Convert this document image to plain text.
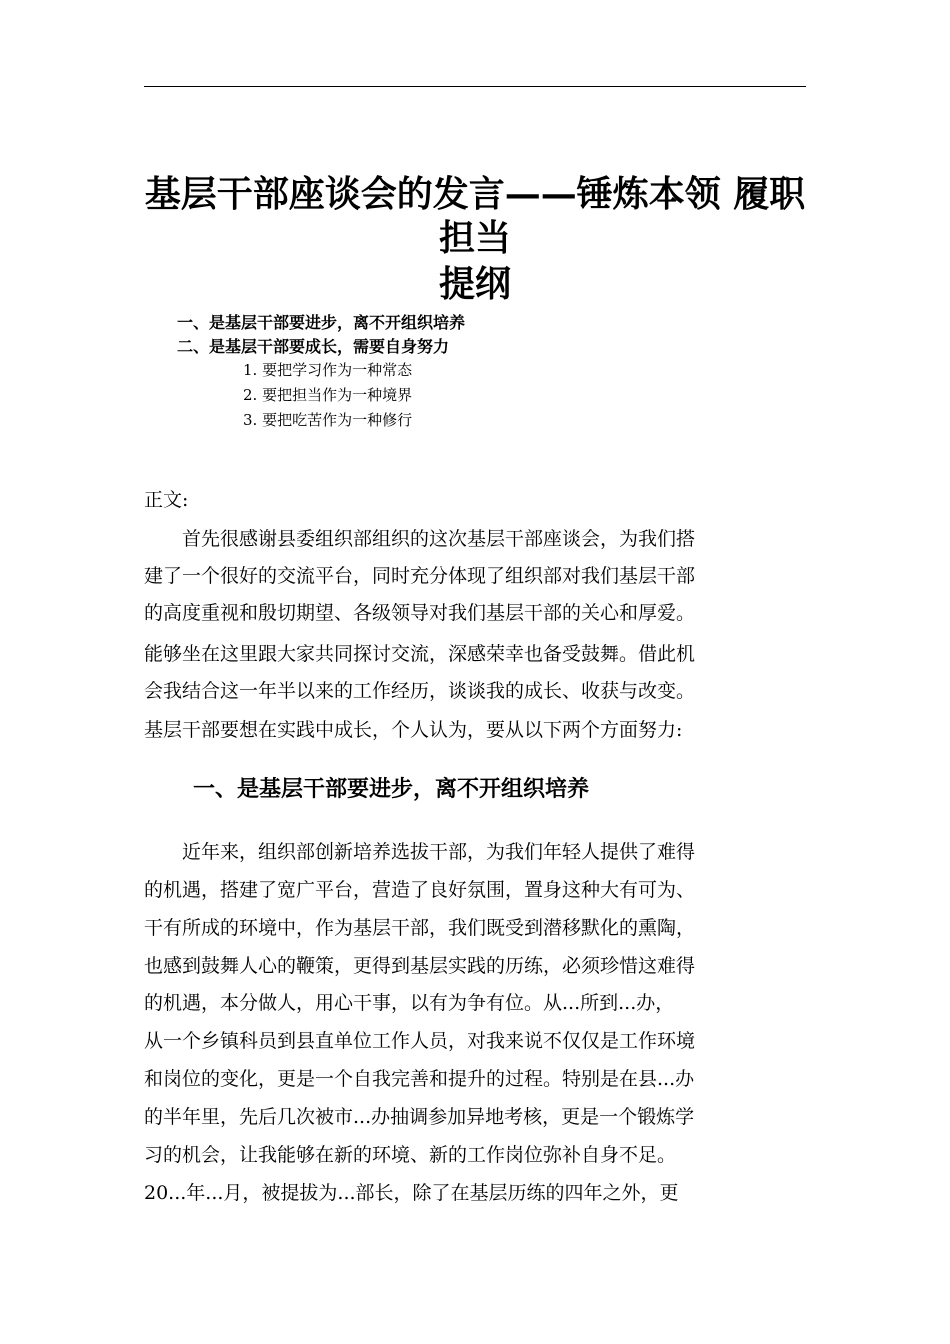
基层干部座谈会的发言——锤炼本领 履职
担当
提纲
一、是基层干部要进步，离不开组织培养
二、是基层干部要成长，需要自身努力
1. 要把学习作为一种常态
2. 要把担当作为一种境界
3. 要把吃苦作为一种修行
正文:
　　首先很感谢县委组织部组织的这次基层干部座谈会，为我们搭
建了一个很好的交流平台，同时充分体现了组织部对我们基层干部
的高度重视和殷切期望、各级领导对我们基层干部的关心和厚爱。
能够坐在这里跟大家共同探讨交流，深感荣幸也备受鼓舞。借此机
会我结合这一年半以来的工作经历，谈谈我的成长、收获与改变。
基层干部要想在实践中成长，个人认为，要从以下两个方面努力:
一、是基层干部要进步，离不开组织培养
　　近年来，组织部创新培养选拔干部，为我们年轻人提供了难得
的机遇，搭建了宽广平台，营造了良好氛围，置身这种大有可为、
干有所成的环境中，作为基层干部，我们既受到潜移默化的熏陶，
也感到鼓舞人心的鞭策，更得到基层实践的历练，必须珍惜这难得
的机遇，本分做人，用心干事，以有为争有位。从...所到...办，
从一个乡镇科员到县直单位工作人员，对我来说不仅仅是工作环境
和岗位的变化，更是一个自我完善和提升的过程。特别是在县...办
的半年里，先后几次被市...办抽调参加异地考核，更是一个锻炼学
习的机会，让我能够在新的环境、新的工作岗位弥补自身不足。
20...年...月，被提拔为...部长，除了在基层历练的四年之外，更
